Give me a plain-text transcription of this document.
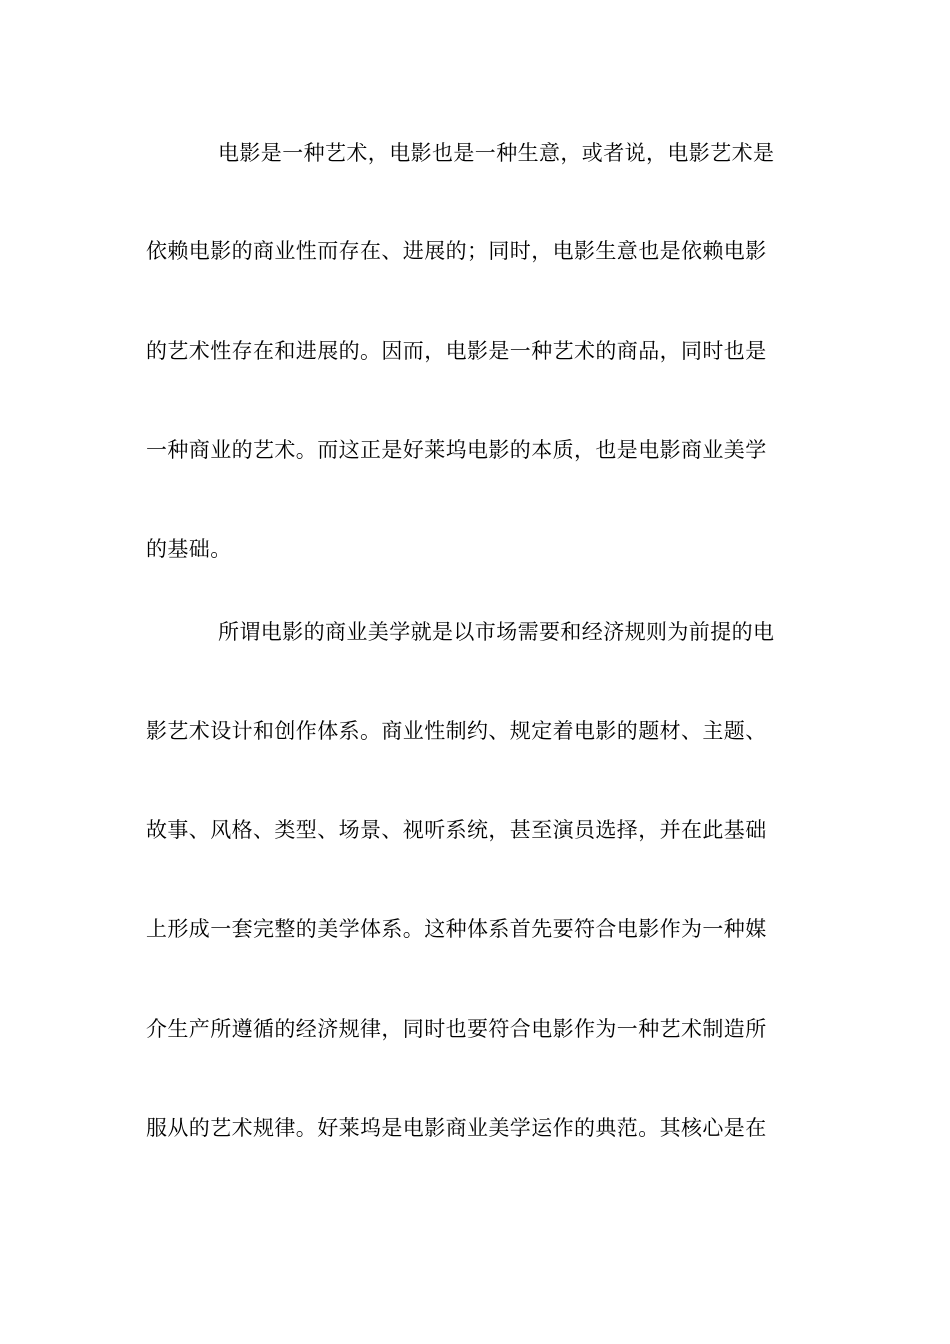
电影是一种艺术，电影也是一种生意，或者说，电影艺术是
依赖电影的商业性而存在、进展的；同时，电影生意也是依赖电影
的艺术性存在和进展的。因而，电影是一种艺术的商品，同时也是
一种商业的艺术。而这正是好莱坞电影的本质，也是电影商业美学
的基础。
所谓电影的商业美学就是以市场需要和经济规则为前提的电
影艺术设计和创作体系。商业性制约、规定着电影的题材、主题、
故事、风格、类型、场景、视听系统，甚至演员选择，并在此基础
上形成一套完整的美学体系。这种体系首先要符合电影作为一种媒
介生产所遵循的经济规律，同时也要符合电影作为一种艺术制造所
服从的艺术规律。好莱坞是电影商业美学运作的典范。其核心是在
